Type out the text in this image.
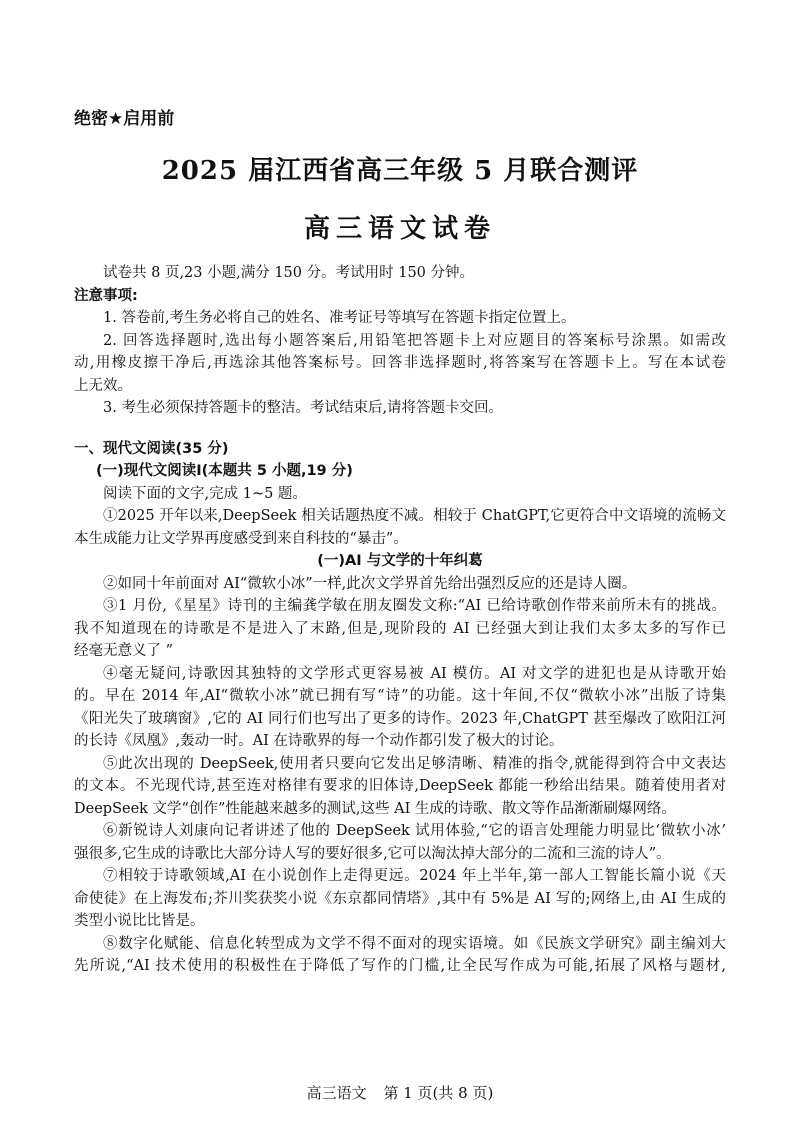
绝密★启用前
2025 届江西省高三年级 5 月联合测评
高三语文试卷

试卷共 8 页,23 小题,满分 150 分。考试用时 150 分钟。

注意事项:

1. 答卷前,考生务必将自己的姓名、准考证号等填写在答题卡指定位置上。

2. 回答选择题时,选出每小题答案后,用铅笔把答题卡上对应题目的答案标号涂黑。如需改

动,用橡皮擦干净后,再选涂其他答案标号。回答非选择题时,将答案写在答题卡上。写在本试卷

上无效。

3. 考生必须保持答题卡的整洁。考试结束后,请将答题卡交回。

一、现代文阅读(35 分)

(一)现代文阅读Ⅰ(本题共 5 小题,19 分)

阅读下面的文字,完成 1~5 题。

①2025 开年以来,DeepSeek 相关话题热度不减。相较于 ChatGPT,它更符合中文语境的流畅文

本生成能力让文学界再度感受到来自科技的“暴击”。

(一)AI 与文学的十年纠葛

②如同十年前面对 AI“微软小冰”一样,此次文学界首先给出强烈反应的还是诗人圈。

③1 月份,《星星》诗刊的主编龚学敏在朋友圈发文称:“AI 已给诗歌创作带来前所未有的挑战。

我不知道现在的诗歌是不是进入了末路,但是,现阶段的 AI 已经强大到让我们太多太多的写作已

经毫无意义了 ”

④毫无疑问,诗歌因其独特的文学形式更容易被 AI 模仿。AI 对文学的进犯也是从诗歌开始

的。早在 2014 年,AI“微软小冰”就已拥有写“诗”的功能。这十年间,不仅“微软小冰”出版了诗集

《阳光失了玻璃窗》,它的 AI 同行们也写出了更多的诗作。2023 年,ChatGPT 甚至爆改了欧阳江河

的长诗《凤凰》,轰动一时。AI 在诗歌界的每一个动作都引发了极大的讨论。

⑤此次出现的 DeepSeek,使用者只要向它发出足够清晰、精准的指令,就能得到符合中文表达

的文本。不光现代诗,甚至连对格律有要求的旧体诗,DeepSeek 都能一秒给出结果。随着使用者对

DeepSeek 文学“创作”性能越来越多的测试,这些 AI 生成的诗歌、散文等作品渐渐刷爆网络。

⑥新锐诗人刘康向记者讲述了他的 DeepSeek 试用体验,“它的语言处理能力明显比‘微软小冰’

强很多,它生成的诗歌比大部分诗人写的要好很多,它可以淘汰掉大部分的二流和三流的诗人”。

⑦相较于诗歌领域,AI 在小说创作上走得更远。2024 年上半年,第一部人工智能长篇小说《天

命使徒》在上海发布;芥川奖获奖小说《东京都同情塔》,其中有 5%是 AI 写的;网络上,由 AI 生成的

类型小说比比皆是。

⑧数字化赋能、信息化转型成为文学不得不面对的现实语境。如《民族文学研究》副主编刘大

先所说,“AI 技术使用的积极性在于降低了写作的门槛,让全民写作成为可能,拓展了风格与题材,

高三语文 第 1 页(共 8 页)
